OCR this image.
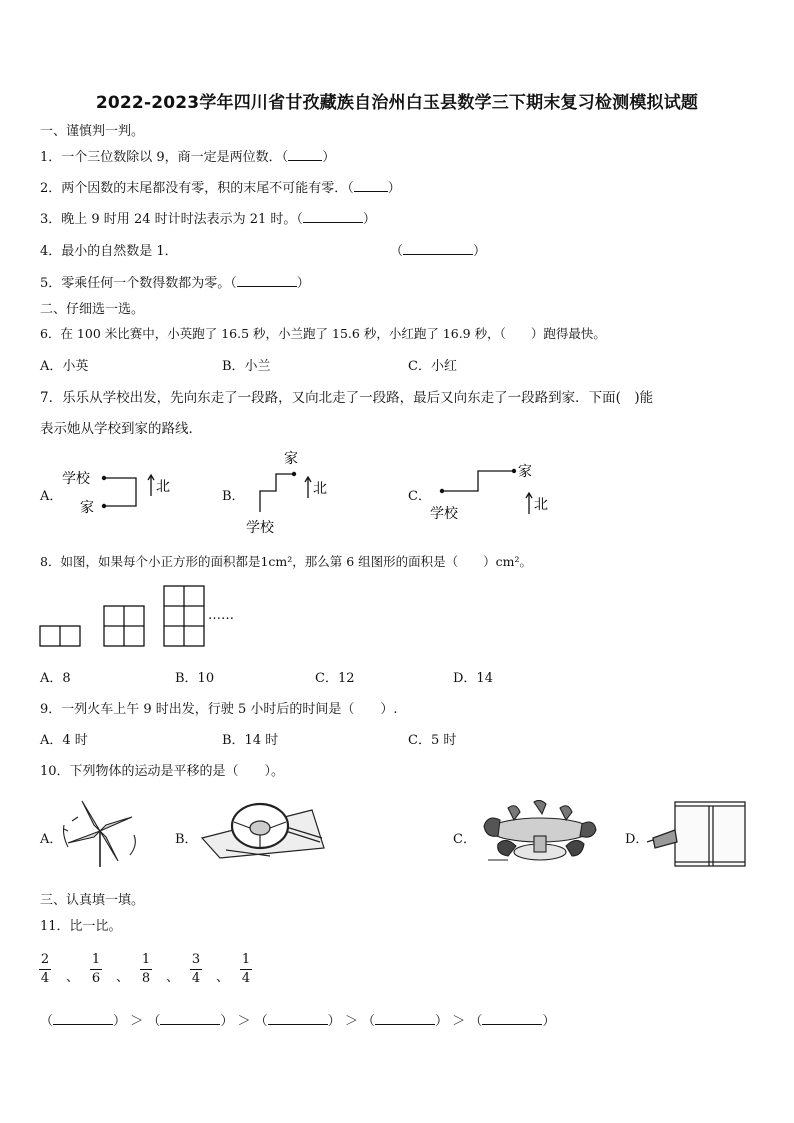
2022-2023学年四川省甘孜藏族自治州白玉县数学三下期末复习检测模拟试题
一、谨慎判一判。
1．一个三位数除以 9，商一定是两位数．（	）
2．两个因数的末尾都没有零，积的末尾不可能有零．（	）
3．晚上 9 时用 24 时计时法表示为 21 时。（	）
4．最小的自然数是 1．	（	）
5．零乘任何一个数得数都为零。（	）
二、仔细选一选。
6．在 100 米比赛中，小英跑了 16.5 秒，小兰跑了 15.6 秒，小红跑了 16.9 秒，（　　）跑得最快。
A．小英	B．小兰	C．小红
7．乐乐从学校出发，先向东走了一段路，又向北走了一段路，最后又向东走了一段路到家．下面(　)能
表示她从学校到家的路线．
A．
学校
家
北
B．
家
学校
北	C．
家
学校
北
8．如图，如果每个小正方形的面积都是1cm²，那么第 6 组图形的面积是（　　）cm²。
……
A．8	B．10	C．12	D．14
9．一列火车上午 9 时出发，行驶 5 小时后的时间是（　　）.
A．4 时	B．14 时	C．5 时
10．下列物体的运动是平移的是（　　）。
A．	B．	C．	D．
三、认真填一填。
11．比一比。
2
4 、
1
6 、
1
8 、
3
4 、
1
4
（	） ＞ （	） ＞ （	） ＞ （	） ＞ （	）
